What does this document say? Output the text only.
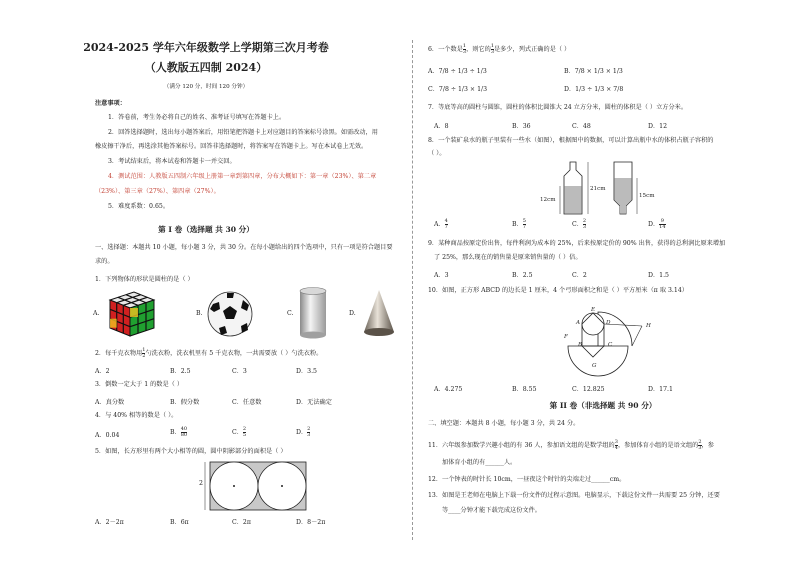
2024-2025 学年六年级数学上学期第三次月考卷
（人教版五四制 2024）
（满分 120 分，时间 120 分钟）
注意事项：
1．答卷前，考生务必将自己的姓名、准考证号填写在答题卡上。
2．回答选择题时，选出每小题答案后，用铅笔把答题卡上对应题目的答案标号涂黑。如需改动，用
橡皮擦干净后，再选涂其他答案标号。回答非选择题时，将答案写在答题卡上。写在本试卷上无效。
3．考试结束后，将本试卷和答题卡一并交回。
4．测试范围：人教版五四制六年级上册第一章到第四章，分布大概如下：第一章（23%）、第二章
（23%）、第三章（27%）、第四章（27%）。
5．难度系数：0.65。
第 I 卷（选择题 共 30 分）
一、选择题：本题共 10 小题，每小题 3 分，共 30 分。在每小题给出的四个选项中，只有一项是符合题目要
求的。
1．下列物体的形状是圆柱的是（ ）
A.	B.	C.	D.
2．每千克衣物用 $\frac{1}{2}$ 勺洗衣粉，洗衣机里有 5 千克衣物，一共需要放（ ）勺洗衣粉。
A．2	B．2.5	C．3	D．3.5
3．倒数一定大于 1 的数是（ ）
A．真分数	B．假分数	C．任意数	D．无法确定
4．与 40% 相等的数是（ ）。
A．0.04	B． $\frac{40}{80}$	C． $\frac{2}{5}$	D． $\frac{2}{3}$
5．如图，长方形里有两个大小相等的圆，圆中阴影部分的面积是（ ）
2
A．2－2π	B．6π	C．2π	D．8－2π
6．一个数是 $\frac{1}{3}$ ，则它的 $\frac{1}{3}$ 是多少，列式正确的是（ ）
A．7/8 ÷ 1/3 ÷ 1/3	B．7/8 × 1/3 × 1/3
C．7/8 ÷ 1/3 × 1/3	D．1/3 ÷ 1/3 × 7/8
7．等底等高的圆柱与圆锥，圆柱的体积比圆锥大 24 立方分米，圆柱的体积是（ ）立方分米。
A．8	B．36	C．48	D．12
8．一个装矿泉水的瓶子里装有一些水（如图），根据图中的数据，可以计算出瓶中水的体积占瓶子容积的
（ ）。
21cm
12cm
15cm
A． $\frac{4}{7}$	B． $\frac{5}{7}$	C． $\frac{2}{3}$	D． $\frac{9}{14}$
9．某种商品按原定价出售，每件利润为成本的 25%，后来按原定价的 90% 出售，获得的总利润比原来增加
了 25%，那么现在的销售量是原来销售量的（ ）倍。
A．3	B．2.5	C．2	D．1.5
10．如图，正方形 ABCD 的边长是 1 厘米，4 个弓形面积之和是（ ）平方厘米（π 取 3.14）
E
D
A
F
B	C
G
H
A．4.275	B．8.55	C．12.825	D．17.1
第 II 卷（非选择题 共 90 分）
二、填空题：本题共 8 小题，每小题 3 分，共 24 分。
11．六年级参加数学兴趣小组的有 36 人，参加语文组的是数学组的 $\frac{3}{4}$ ，参加体育小组的是语文组的 $\frac{2}{3}$ ，参
加体育小组的有______人。
12．一个钟表的时针长 10cm，一昼夜这个时针的尖端走过______cm。
13．如图是王老师在电脑上下载一份文件的过程示意图。电脑显示，下载这份文件一共需要 25 分钟，还要
等____分钟才能下载完成这份文件。
